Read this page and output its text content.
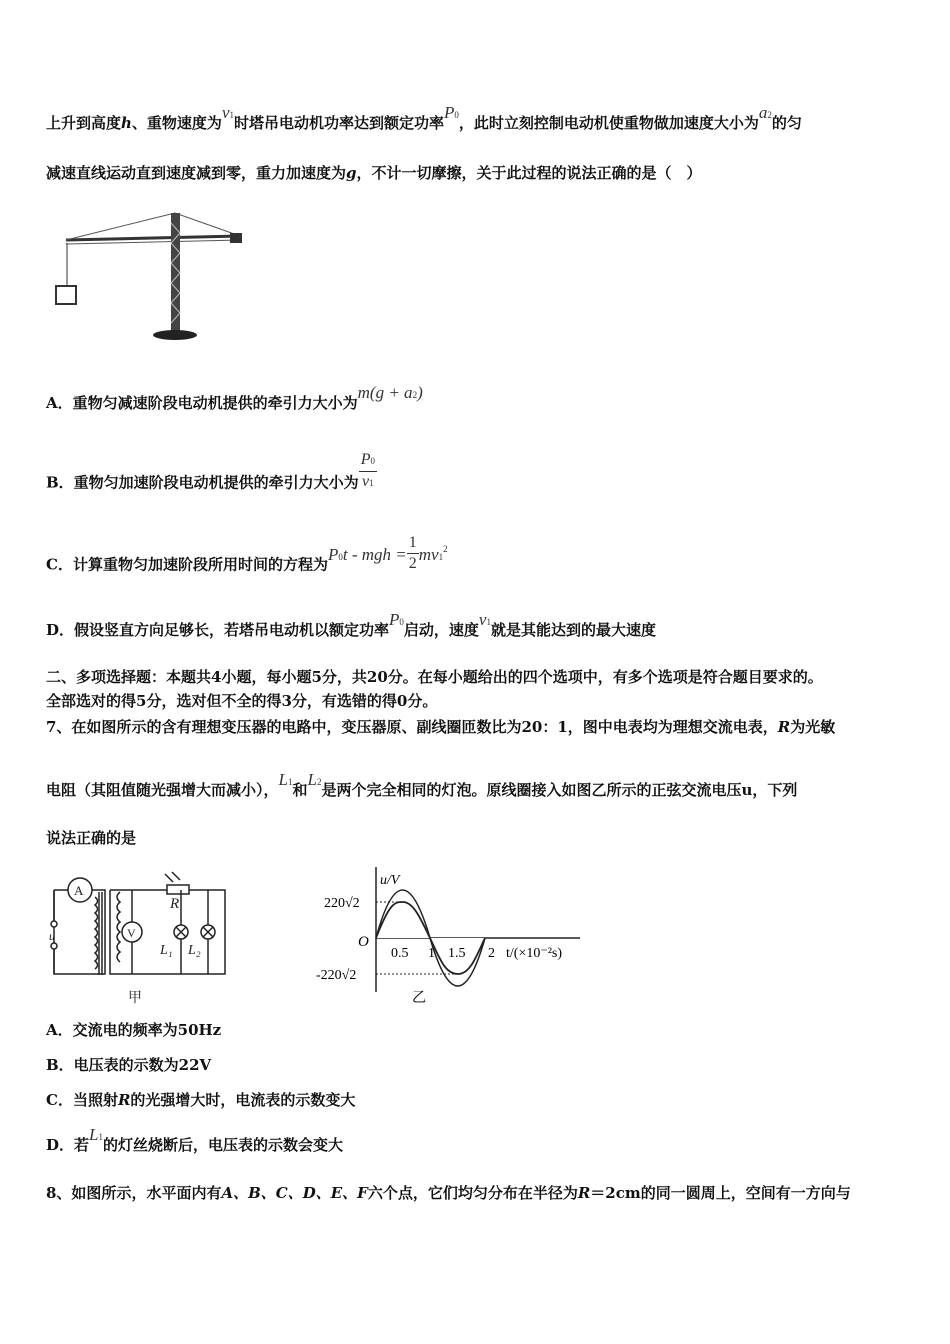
上升到高度h、重物速度为v1时塔吊电动机功率达到额定功率P0，此时立刻控制电动机使重物做加速度大小为a2的匀
减速直线运动直到速度减到零，重力加速度为g，不计一切摩擦，关于此过程的说法正确的是（　）
A．重物匀减速阶段电动机提供的牵引力大小为m(g + a2)
B．重物匀加速阶段电动机提供的牵引力大小为 $\frac{P0}{v1}$
C．计算重物匀加速阶段所用时间的方程为P0t - mgh = $\frac{1}{2} mv1^2$
D．假设竖直方向足够长，若塔吊电动机以额定功率P0启动，速度v1就是其能达到的最大速度
二、多项选择题：本题共4小题，每小题5分，共20分。在每小题给出的四个选项中，有多个选项是符合题目要求的。
全部选对的得5分，选对但不全的得3分，有选错的得0分。
7、在如图所示的含有理想变压器的电路中，变压器原、副线圈匝数比为20：1，图中电表均为理想交流电表，R为光敏
电阻（其阻值随光强增大而减小），L1和L2是两个完全相同的灯泡。原线圈接入如图乙所示的正弦交流电压u，下列
说法正确的是
A
u
R
V
L₁ L₂
甲
u/V
220√2
-220√2
O
0.5 1 1.5 2 t/(×10⁻²s)
乙
A．交流电的频率为50Hz
B．电压表的示数为22V
C．当照射R的光强增大时，电流表的示数变大
D．若L1的灯丝烧断后，电压表的示数会变大
8、如图所示，水平面内有A、B、C、D、E、F六个点，它们均匀分布在半径为R＝2cm的同一圆周上，空间有一方向与
